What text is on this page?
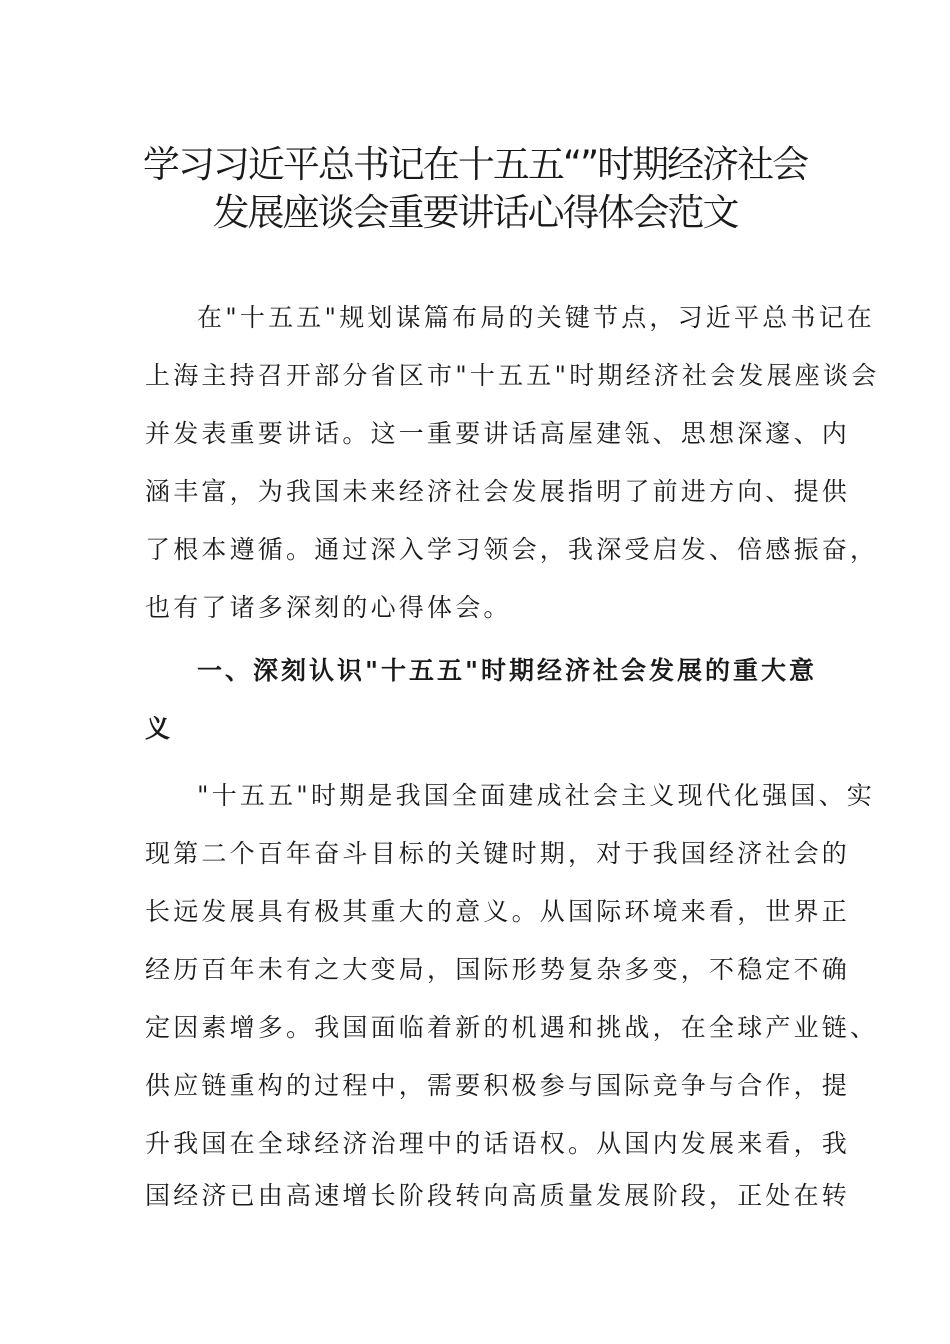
学习习近平总书记在十五五“”时期经济社会
发展座谈会重要讲话心得体会范文

在"十五五"规划谋篇布局的关键节点，习近平总书记在

上海主持召开部分省区市"十五五"时期经济社会发展座谈会

并发表重要讲话。这一重要讲话高屋建瓴、思想深邃、内

涵丰富，为我国未来经济社会发展指明了前进方向、提供

了根本遵循。通过深入学习领会，我深受启发、倍感振奋，

也有了诸多深刻的心得体会。

一、深刻认识"十五五"时期经济社会发展的重大意
义

"十五五"时期是我国全面建成社会主义现代化强国、实

现第二个百年奋斗目标的关键时期，对于我国经济社会的

长远发展具有极其重大的意义。从国际环境来看，世界正

经历百年未有之大变局，国际形势复杂多变，不稳定不确

定因素增多。我国面临着新的机遇和挑战，在全球产业链、

供应链重构的过程中，需要积极参与国际竞争与合作，提

升我国在全球经济治理中的话语权。从国内发展来看，我

国经济已由高速增长阶段转向高质量发展阶段，正处在转
